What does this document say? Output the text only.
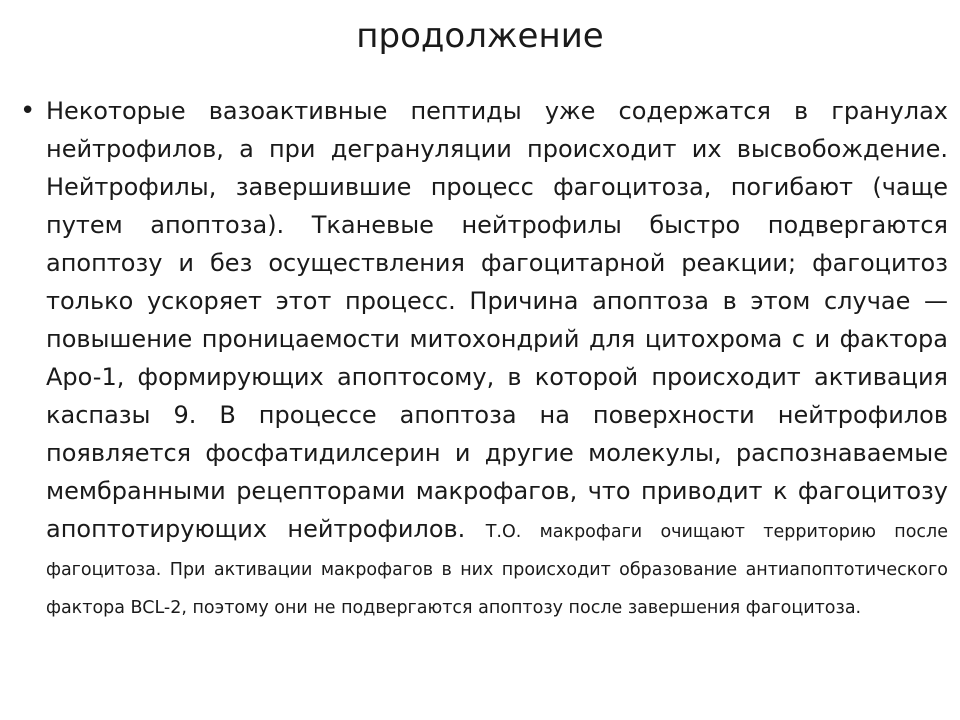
продолжение
• Некоторые вазоактивные пептиды уже содержатся в гранулах нейтрофилов, а при дегрануляции происходит их высвобождение. Нейтрофилы, завершившие процесс фагоцитоза, погибают (чаще путем апоптоза). Тканевые нейтрофилы быстро подвергаются апоптозу и без осуществления фагоцитарной реакции; фагоцитоз только ускоряет этот процесс. Причина апоптоза в этом случае — повышение проницаемости митохондрий для цитохрома с и фактора Apo-1, формирующих апоптосому, в которой происходит активация каспазы 9. В процессе апоптоза на поверхности нейтрофилов появляется фосфатидилсерин и другие молекулы, распознаваемые мембранными рецепторами макрофагов, что приводит к фагоцитозу апоптотирующих нейтрофилов. Т.О. макрофаги очищают территорию после фагоцитоза. При активации макрофагов в них происходит образование антиапоптотического фактора BCL-2, поэтому они не подвергаются апоптозу после завершения фагоцитоза.
